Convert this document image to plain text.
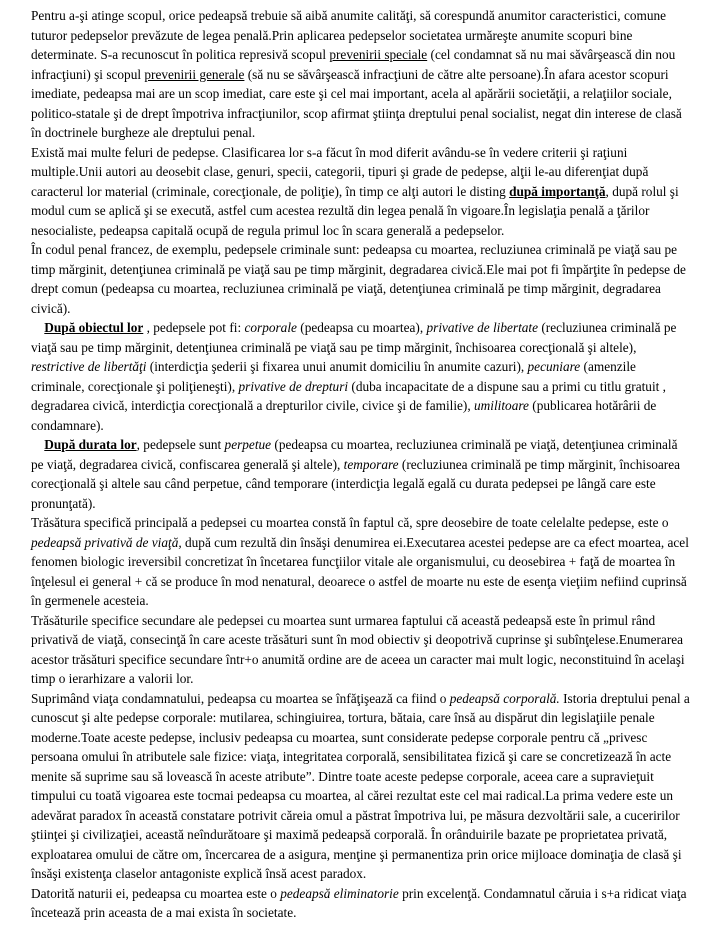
Pentru a-şi atinge scopul, orice pedeapsă trebuie să aibă anumite calităţi, să corespundă anumitor caracteristici, comune tuturor pedepselor prevăzute de legea penală.Prin aplicarea pedepselor societatea urmăreşte anumite scopuri bine determinate. S-a recunoscut în politica represivă scopul prevenirii speciale (cel condamnat să nu mai săvârşească din nou infracţiuni) şi scopul prevenirii generale (să nu se săvârşească infracţiuni de către alte persoane).În afara acestor scopuri imediate, pedeapsa mai are un scop imediat, care este şi cel mai important, acela al apărării societăţii, a relaţiilor sociale, politico-statale şi de drept împotriva infracţiunilor, scop afirmat ştiinţa dreptului penal socialist, negat din interese de clasă în doctrinele burgheze ale dreptului penal.

Există mai multe feluri de pedepse. Clasificarea lor s-a făcut în mod diferit avându-se în vedere criterii şi raţiuni multiple.Unii autori au deosebit clase, genuri, specii, categorii, tipuri şi grade de pedepse, alţii le-au diferenţiat după caracterul lor material (criminale, corecţionale, de poliţie), în timp ce alţi autori le disting după importanţă, după rolul şi modul cum se aplică şi se execută, astfel cum acestea rezultă din legea penală în vigoare.În legislaţia penală a ţărilor nesocialiste, pedeapsa capitală ocupă de regula primul loc în scara generală a pedepselor.

În codul penal francez, de exemplu, pedepsele criminale sunt: pedeapsa cu moartea, recluziunea criminală pe viaţă sau pe timp mărginit, detenţiunea criminală pe viaţă sau pe timp mărginit, degradarea civică.Ele mai pot fi împărţite în pedepse de drept comun (pedeapsa cu moartea, recluziunea criminală pe viaţă, detenţiunea criminală pe timp mărginit, degradarea civică).

După obiectul lor , pedepsele pot fi: corporale (pedeapsa cu moartea), privative de libertate (recluziunea criminală pe viaţă sau pe timp mărginit, detenţiunea criminală pe viaţă sau pe timp mărginit, închisoarea corecţională şi altele), restrictive de libertăţi (interdicţia şederii şi fixarea unui anumit domiciliu în anumite cazuri), pecuniare (amenzile criminale, corecţionale şi poliţieneşti), privative de drepturi (duba incapacitate de a dispune sau a primi cu titlu gratuit , degradarea civică, interdicţia corecţională a drepturilor civile, civice şi de familie), umilitoare (publicarea hotărârii de condamnare).

După durata lor, pedepsele sunt perpetue (pedeapsa cu moartea, recluziunea criminală pe viaţă, detenţiunea criminală pe viaţă, degradarea civică, confiscarea generală şi altele), temporare (recluziunea criminală pe timp mărginit, închisoarea corecţională şi altele sau când perpetue, când temporare (interdicţia legală egală cu durata pedepsei pe lângă care este pronunţată).

Trăsătura specifică principală a pedepsei cu moartea constă în faptul că, spre deosebire de toate celelalte pedepse, este o pedeapsă privativă de viaţă, după cum rezultă din însăşi denumirea ei.Executarea acestei pedepse are ca efect moartea, acel fenomen biologic ireversibil concretizat în încetarea funcţiilor vitale ale organismului, cu deosebirea + faţă de moartea în înţelesul ei general + că se produce în mod nenatural, deoarece o astfel de moarte nu este de esenţa vieţiim nefiind cuprinsă în germenele acesteia.

Trăsăturile specifice secundare ale pedepsei cu moartea sunt urmarea faptului că această pedeapsă este în primul rând privativă de viaţă, consecinţă în care aceste trăsături sunt în mod obiectiv şi deopotrivă cuprinse şi subînţelese.Enumerarea acestor trăsături specifice secundare într+o anumită ordine are de aceea un caracter mai mult logic, neconstituind în acelaşi timp o ierarhizare a valorii lor.

Suprimând viaţa condamnatului, pedeapsa cu moartea se înfăţişează ca fiind o pedeapsă corporală. Istoria dreptului penal a cunoscut şi alte pedepse corporale: mutilarea, schingiuirea, tortura, bătaia, care însă au dispărut din legislaţiile penale moderne.Toate aceste pedepse, inclusiv pedeapsa cu moartea, sunt considerate pedepse corporale pentru că „privesc persoana omului în atributele sale fizice: viaţa, integritatea corporală, sensibilitatea fizică şi care se concretizează în acte menite să suprime sau să lovească în aceste atribute”. Dintre toate aceste pedepse corporale, aceea care a supravieţuit timpului cu toată vigoarea este tocmai pedeapsa cu moartea, al cărei rezultat este cel mai radical.La prima vedere este un adevărat paradox în această constatare potrivit căreia omul a păstrat împotriva lui, pe măsura dezvoltării sale, a cuceririlor ştiinţei şi civilizaţiei, această neîndurătoare şi maximă pedeapsă corporală. În orânduirile bazate pe proprietatea privată, exploatarea omului de către om, încercarea de a asigura, menţine şi permanentiza prin orice mijloace dominaţia de clasă şi însăşi existenţa claselor antagoniste explică însă acest paradox.

Datorită naturii ei, pedeapsa cu moartea este o pedeapsă eliminatorie prin excelenţă. Condamnatul căruia i s+a ridicat viaţa încetează prin aceasta de a mai exista în societate.
